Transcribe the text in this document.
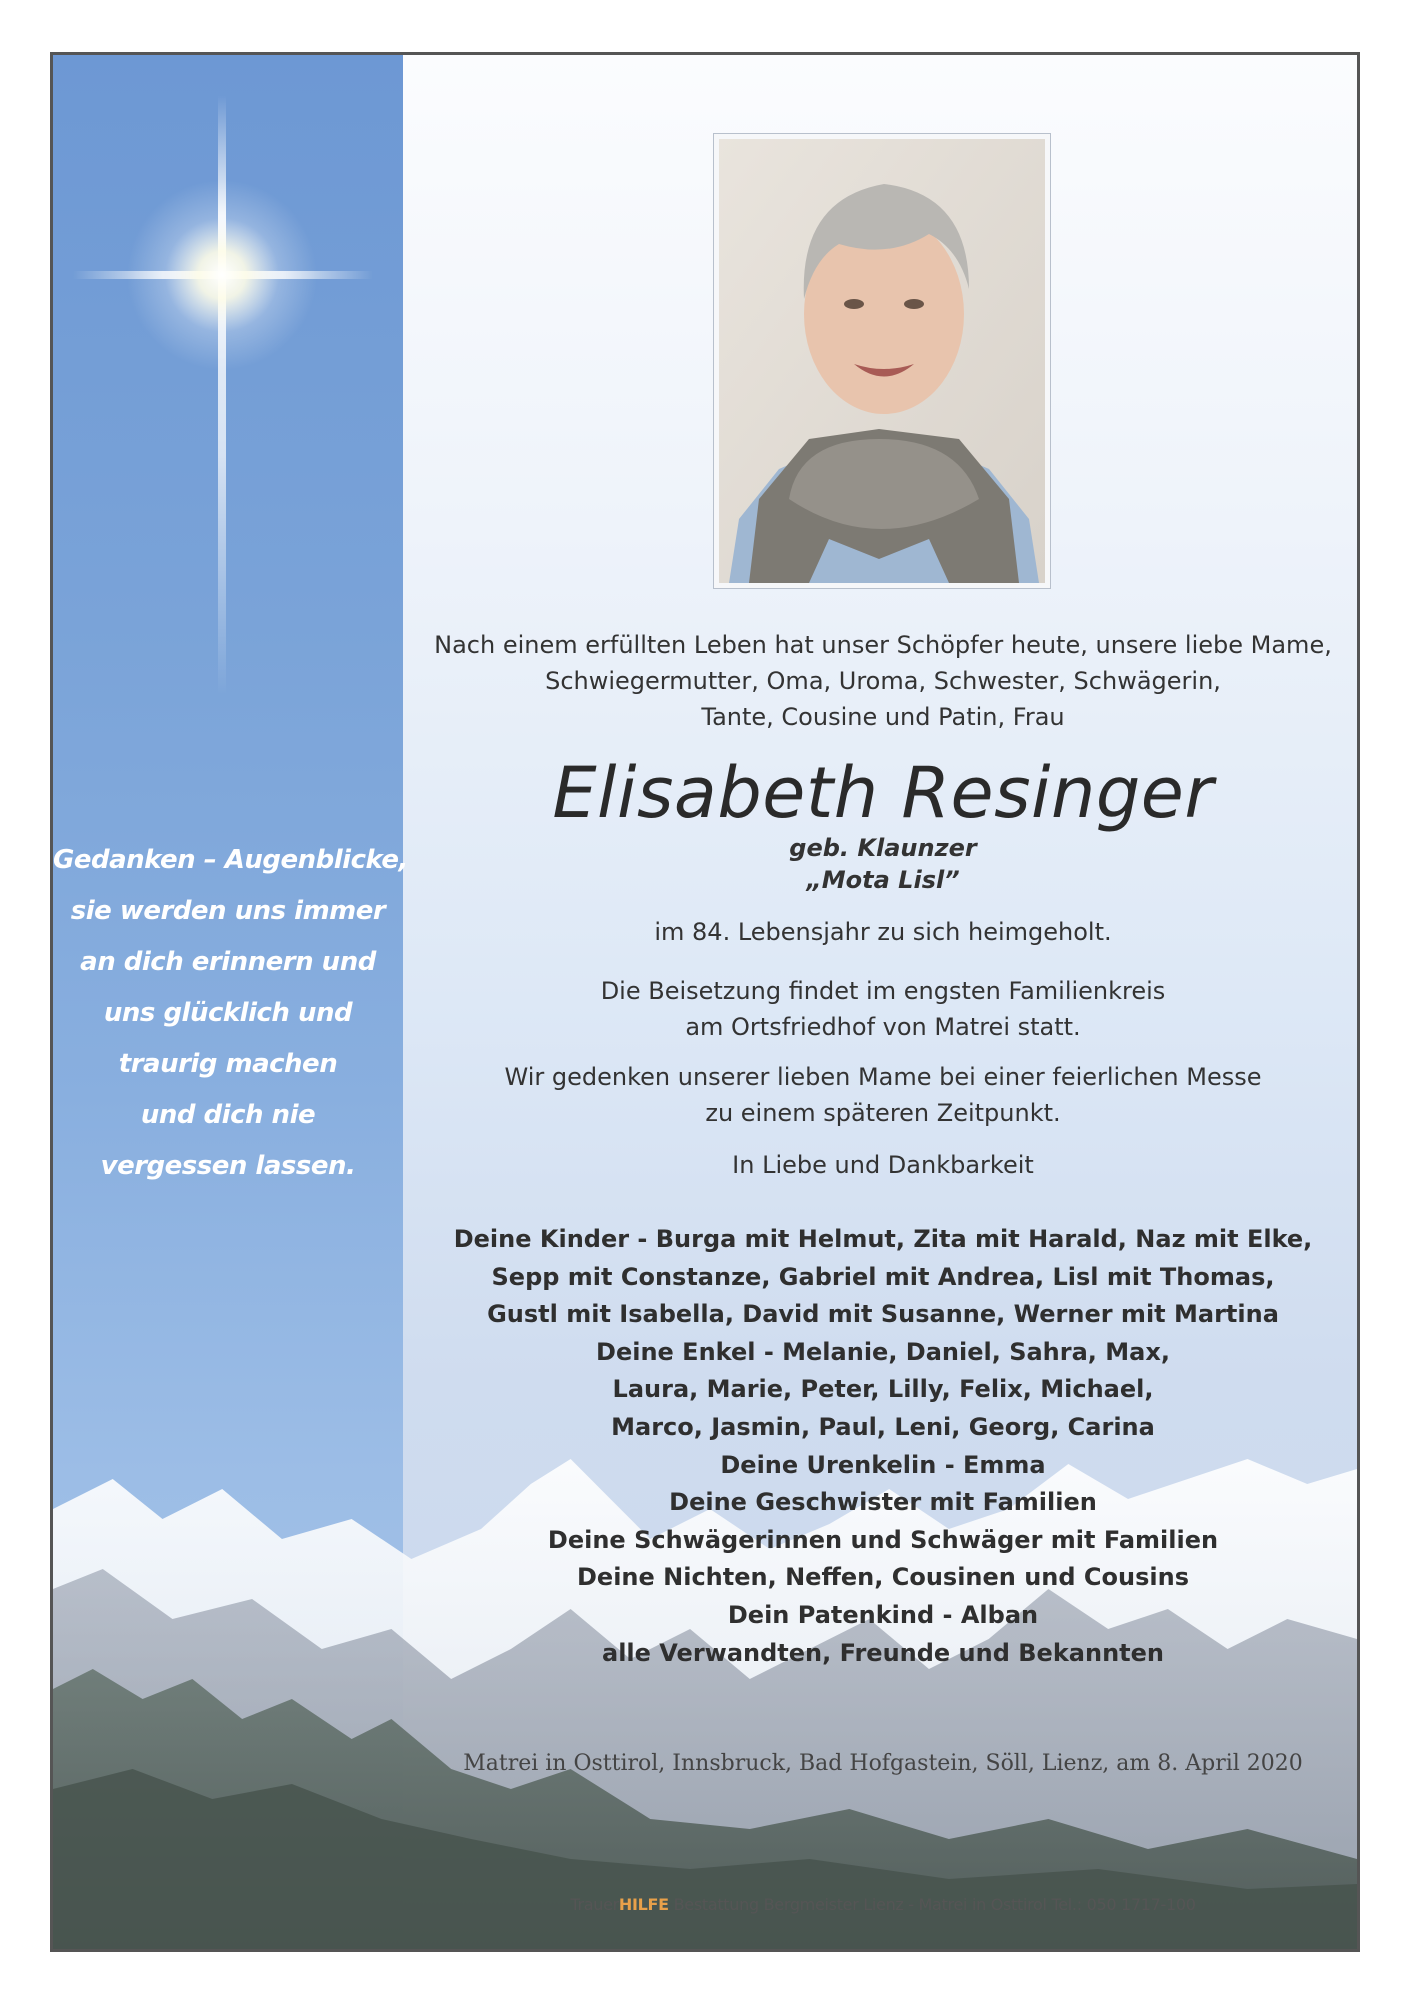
Gedanken – Augenblicke,
sie werden uns immer
an dich erinnern und
uns glücklich und
traurig machen
und dich nie
vergessen lassen.
Nach einem erfüllten Leben hat unser Schöpfer heute, unsere liebe Mame,
Schwiegermutter, Oma, Uroma, Schwester, Schwägerin,
Tante, Cousine und Patin, Frau
Elisabeth Resinger
geb. Klaunzer
„Mota Lisl”
im 84. Lebensjahr zu sich heimgeholt.
Die Beisetzung findet im engsten Familienkreis
am Ortsfriedhof von Matrei statt.
Wir gedenken unserer lieben Mame bei einer feierlichen Messe
zu einem späteren Zeitpunkt.
In Liebe und Dankbarkeit
Deine Kinder - Burga mit Helmut, Zita mit Harald, Naz mit Elke,
Sepp mit Constanze, Gabriel mit Andrea, Lisl mit Thomas,
Gustl mit Isabella, David mit Susanne, Werner mit Martina
Deine Enkel - Melanie, Daniel, Sahra, Max,
Laura, Marie, Peter, Lilly, Felix, Michael,
Marco, Jasmin, Paul, Leni, Georg, Carina
Deine Urenkelin - Emma
Deine Geschwister mit Familien
Deine Schwägerinnen und Schwäger mit Familien
Deine Nichten, Neffen, Cousinen und Cousins
Dein Patenkind - Alban
alle Verwandten, Freunde und Bekannten
Matrei in Osttirol, Innsbruck, Bad Hofgastein, Söll, Lienz, am 8. April 2020
TrauerHILFE Bestattung Bergmeister Lienz - Matrei in Osttirol Tel.: 050 1717-100
